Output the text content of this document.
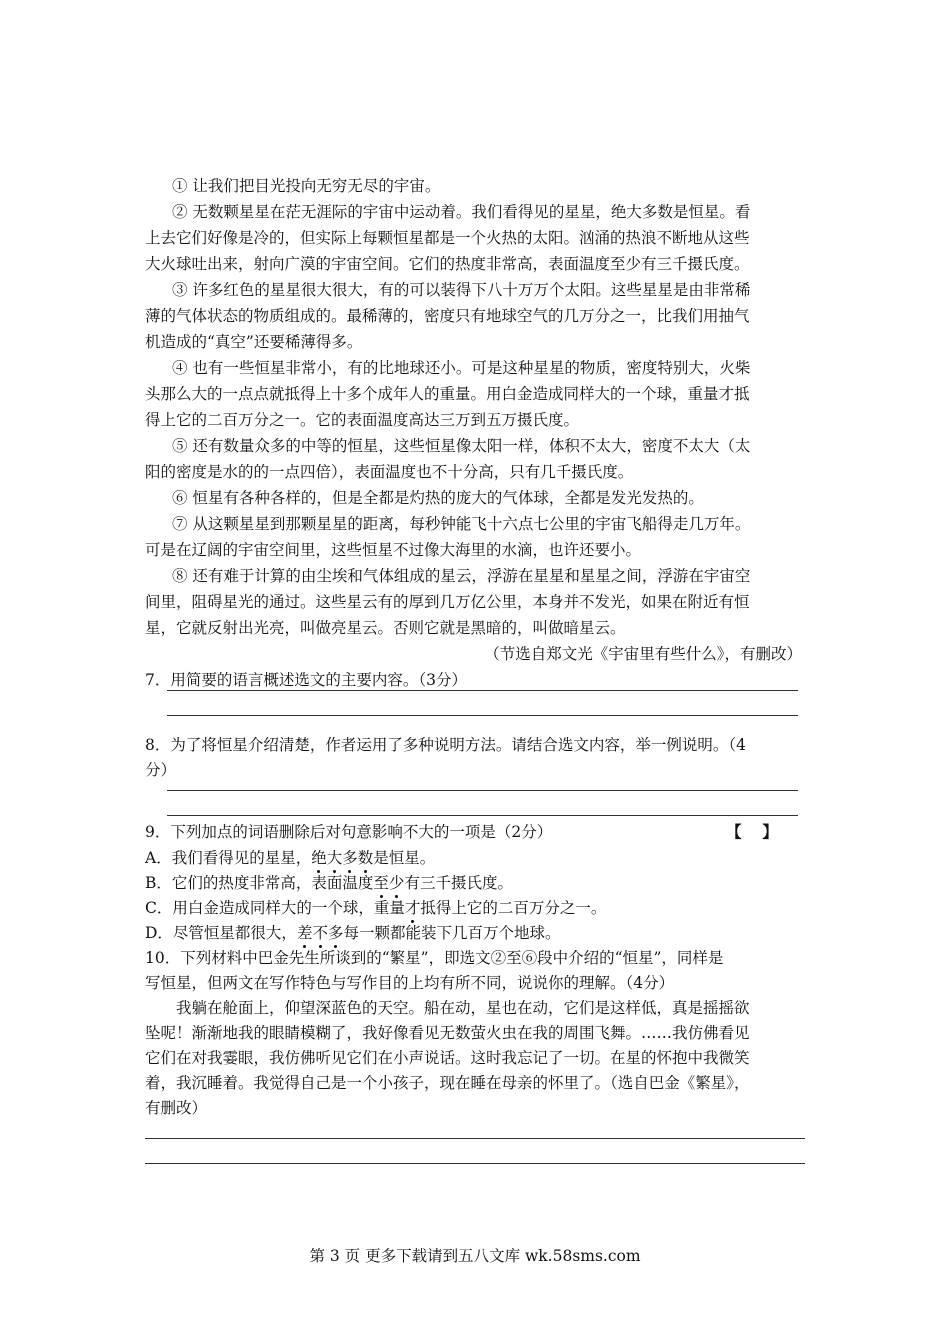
① 让我们把目光投向无穷无尽的宇宙。
② 无数颗星星在茫无涯际的宇宙中运动着。我们看得见的星星，绝大多数是恒星。看
上去它们好像是冷的，但实际上每颗恒星都是一个火热的太阳。汹涌的热浪不断地从这些
大火球吐出来，射向广漠的宇宙空间。它们的热度非常高，表面温度至少有三千摄氏度。
③ 许多红色的星星很大很大，有的可以装得下八十万万个太阳。这些星星是由非常稀
薄的气体状态的物质组成的。最稀薄的，密度只有地球空气的几万分之一，比我们用抽气
机造成的“真空”还要稀薄得多。
④ 也有一些恒星非常小，有的比地球还小。可是这种星星的物质，密度特别大，火柴
头那么大的一点点就抵得上十多个成年人的重量。用白金造成同样大的一个球，重量才抵
得上它的二百万分之一。它的表面温度高达三万到五万摄氏度。
⑤ 还有数量众多的中等的恒星，这些恒星像太阳一样，体积不太大，密度不太大（太
阳的密度是水的的一点四倍），表面温度也不十分高，只有几千摄氏度。
⑥ 恒星有各种各样的，但是全都是灼热的庞大的气体球，全都是发光发热的。
⑦ 从这颗星星到那颗星星的距离，每秒钟能飞十六点七公里的宇宙飞船得走几万年。
可是在辽阔的宇宙空间里，这些恒星不过像大海里的水滴，也许还要小。
⑧ 还有难于计算的由尘埃和气体组成的星云，浮游在星星和星星之间，浮游在宇宙空
间里，阻碍星光的通过。这些星云有的厚到几万亿公里，本身并不发光，如果在附近有恒
星，它就反射出光亮，叫做亮星云。否则它就是黑暗的，叫做暗星云。
（节选自郑文光《宇宙里有些什么》，有删改）
7．用简要的语言概述选文的主要内容。（3分）
8．为了将恒星介绍清楚，作者运用了多种说明方法。请结合选文内容，举一例说明。（4
分）
9．下列加点的词语删除后对句意影响不大的一项是（2分）	【　 】
A．我们看得见的星星，绝大多数是恒星。
B．它们的热度非常高，表面温度至少有三千摄氏度。
C．用白金造成同样大的一个球，重量才抵得上它的二百万分之一。
D．尽管恒星都很大，差不多每一颗都能装下几百万个地球。
10．下列材料中巴金先生所谈到的“繁星”，即选文②至⑥段中介绍的“恒星”，同样是
写恒星，但两文在写作特色与写作目的上均有所不同，说说你的理解。（4分）
我躺在舱面上，仰望深蓝色的天空。船在动，星也在动，它们是这样低，真是摇摇欲
坠呢！渐渐地我的眼睛模糊了，我好像看见无数萤火虫在我的周围飞舞。……我仿佛看见
它们在对我霎眼，我仿佛听见它们在小声说话。这时我忘记了一切。在星的怀抱中我微笑
着，我沉睡着。我觉得自己是一个小孩子，现在睡在母亲的怀里了。（选自巴金《繁星》，
有删改）
第 3 页 更多下载请到五八文库 wk.58sms.com
